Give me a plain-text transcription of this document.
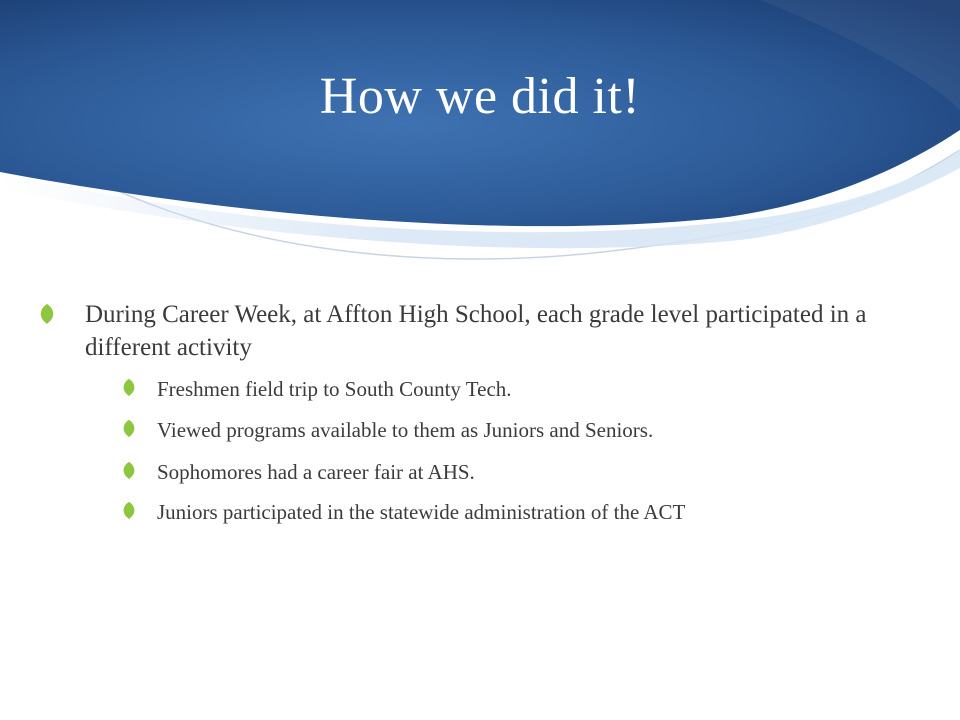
How we did it!
During Career Week, at Affton High School, each grade level participated in a different activity
Freshmen field trip to South County Tech.
Viewed programs available to them as Juniors and Seniors.
Sophomores had a career fair at AHS.
Juniors participated in the statewide administration of the ACT
